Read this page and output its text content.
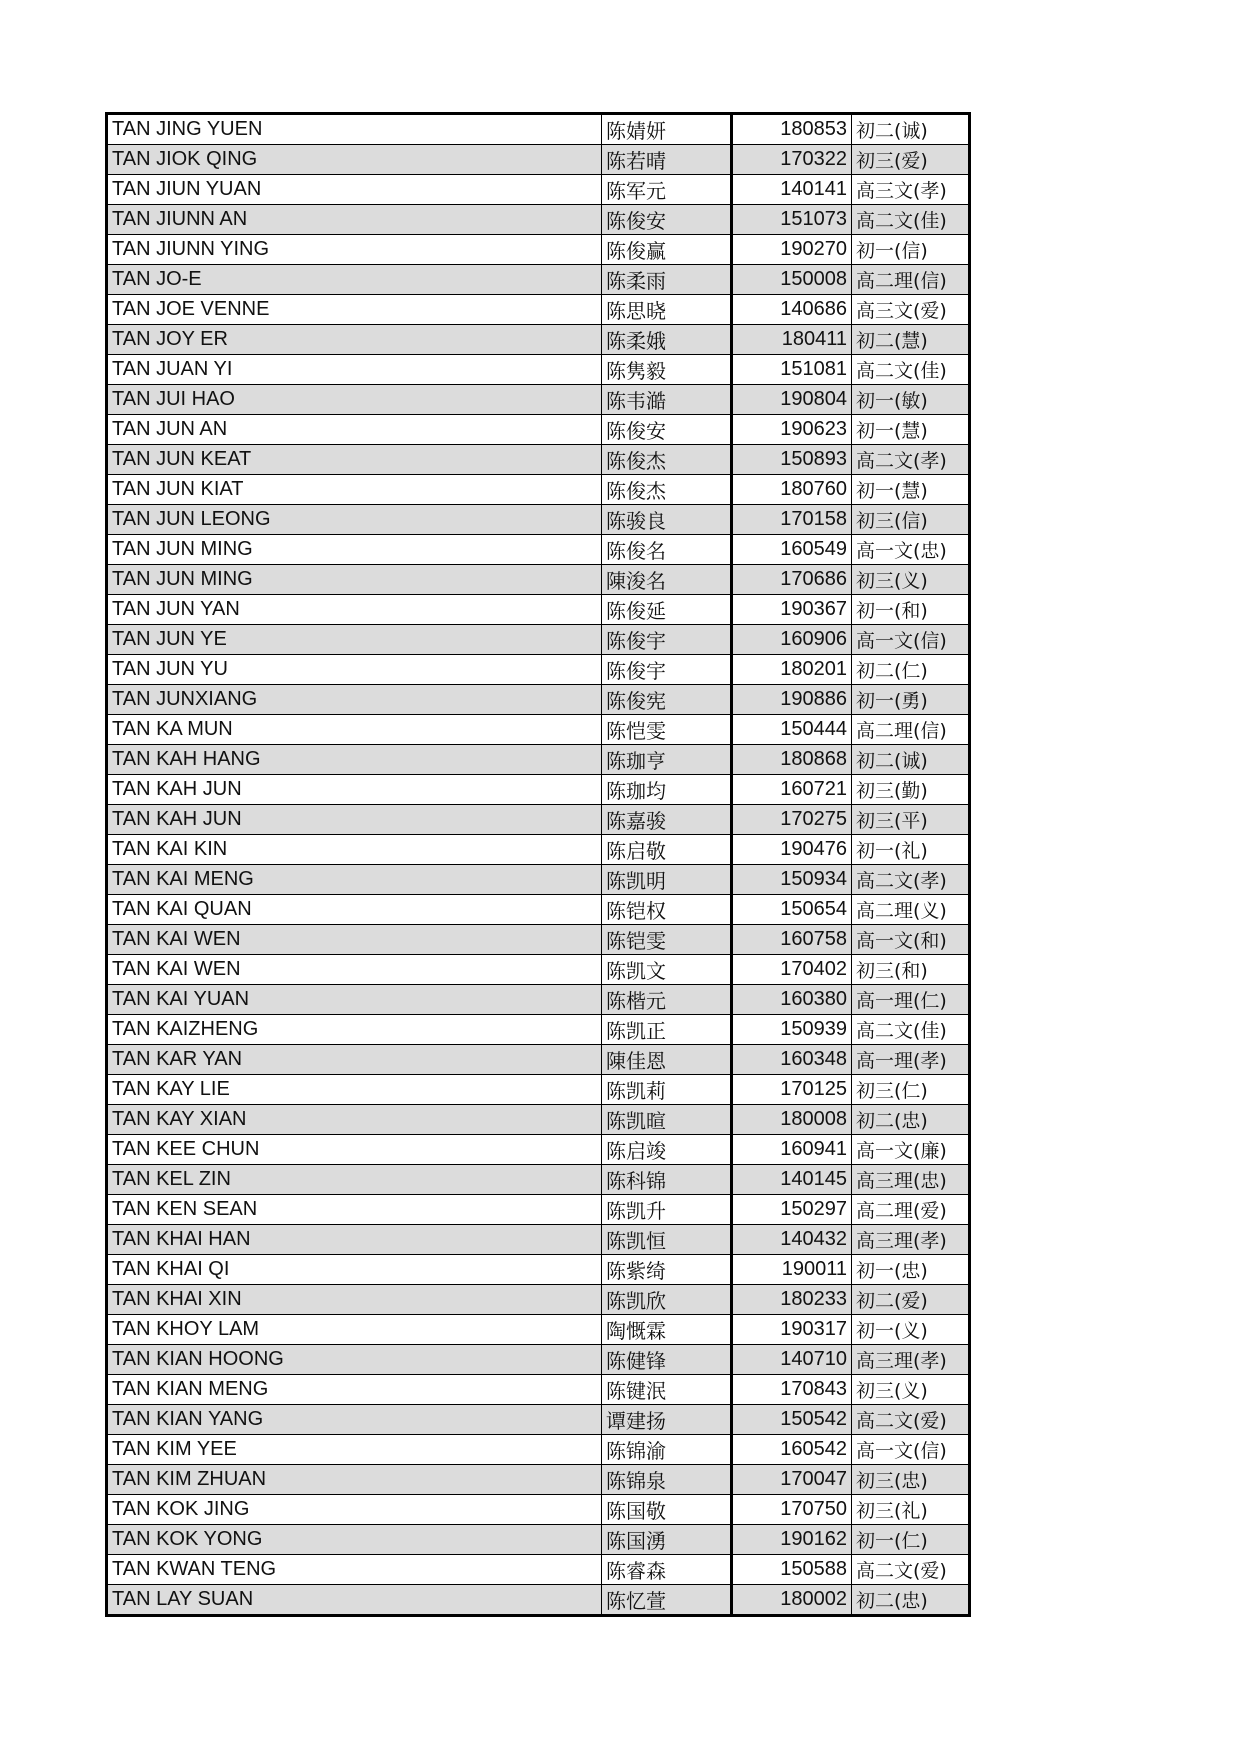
TAN JING YUEN	陈婧妍	180853	初二(诚)
TAN JIOK QING	陈若晴	170322	初三(爱)
TAN JIUN YUAN	陈军元	140141	高三文(孝)
TAN JIUNN AN	陈俊安	151073	高二文(佳)
TAN JIUNN YING	陈俊赢	190270	初一(信)
TAN JO-E	陈柔雨	150008	高二理(信)
TAN JOE VENNE	陈思晓	140686	高三文(爱)
TAN JOY ER	陈柔娥	180411	初二(慧)
TAN JUAN YI	陈隽毅	151081	高二文(佳)
TAN JUI HAO	陈韦澔	190804	初一(敏)
TAN JUN AN	陈俊安	190623	初一(慧)
TAN JUN KEAT	陈俊杰	150893	高二文(孝)
TAN JUN KIAT	陈俊杰	180760	初一(慧)
TAN JUN LEONG	陈骏良	170158	初三(信)
TAN JUN MING	陈俊名	160549	高一文(忠)
TAN JUN MING	陳浚名	170686	初三(义)
TAN JUN YAN	陈俊延	190367	初一(和)
TAN JUN YE	陈俊宇	160906	高一文(信)
TAN JUN YU	陈俊宇	180201	初二(仁)
TAN JUNXIANG	陈俊宪	190886	初一(勇)
TAN KA MUN	陈恺雯	150444	高二理(信)
TAN KAH HANG	陈珈亨	180868	初二(诚)
TAN KAH JUN	陈珈均	160721	初三(勤)
TAN KAH JUN	陈嘉骏	170275	初三(平)
TAN KAI KIN	陈启敬	190476	初一(礼)
TAN KAI MENG	陈凯明	150934	高二文(孝)
TAN KAI QUAN	陈铠权	150654	高二理(义)
TAN KAI WEN	陈铠雯	160758	高一文(和)
TAN KAI WEN	陈凯文	170402	初三(和)
TAN KAI YUAN	陈楷元	160380	高一理(仁)
TAN KAIZHENG	陈凯正	150939	高二文(佳)
TAN KAR YAN	陳佳恩	160348	高一理(孝)
TAN KAY LIE	陈凯莉	170125	初三(仁)
TAN KAY XIAN	陈凯暄	180008	初二(忠)
TAN KEE CHUN	陈启竣	160941	高一文(廉)
TAN KEL ZIN	陈科锦	140145	高三理(忠)
TAN KEN SEAN	陈凯升	150297	高二理(爱)
TAN KHAI HAN	陈凯恒	140432	高三理(孝)
TAN KHAI QI	陈紫绮	190011	初一(忠)
TAN KHAI XIN	陈凯欣	180233	初二(爱)
TAN KHOY LAM	陶慨霖	190317	初一(义)
TAN KIAN HOONG	陈健锋	140710	高三理(孝)
TAN KIAN MENG	陈键泯	170843	初三(义)
TAN KIAN YANG	谭建扬	150542	高二文(爱)
TAN KIM YEE	陈锦渝	160542	高一文(信)
TAN KIM ZHUAN	陈锦泉	170047	初三(忠)
TAN KOK JING	陈国敬	170750	初三(礼)
TAN KOK YONG	陈国湧	190162	初一(仁)
TAN KWAN TENG	陈睿森	150588	高二文(爱)
TAN LAY SUAN	陈忆萱	180002	初二(忠)
